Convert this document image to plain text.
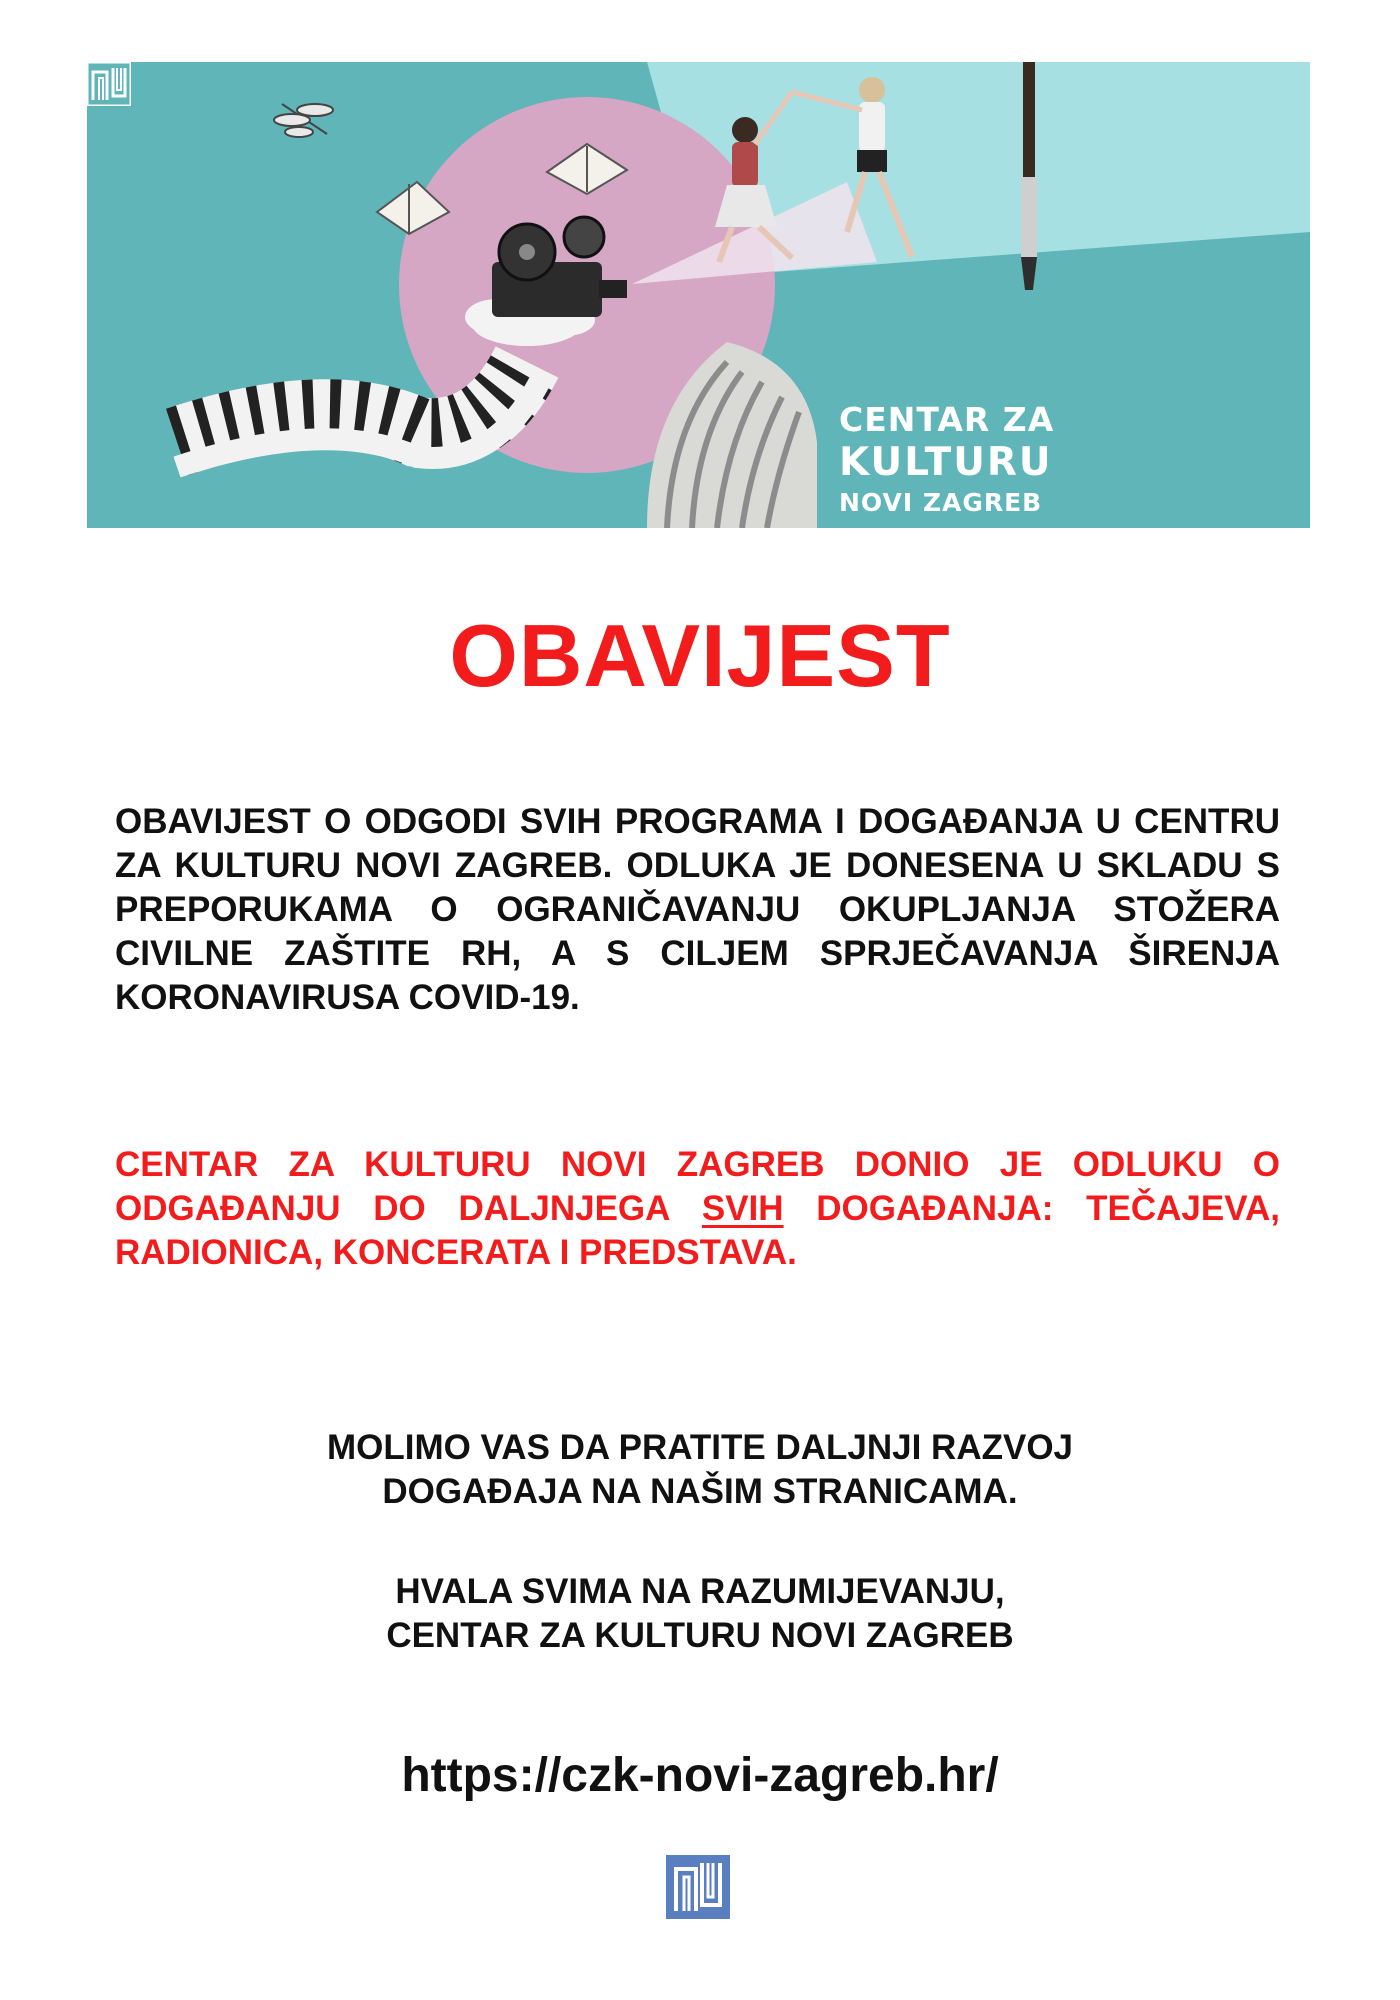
CENTAR ZA
KULTURU
NOVI ZAGREB
OBAVIJEST
OBAVIJEST O ODGODI SVIH PROGRAMA I DOGAĐANJA U CENTRU ZA KULTURU NOVI ZAGREB. ODLUKA JE DONESENA U SKLADU S PREPORUKAMA O OGRANIČAVANJU OKUPLJANJA STOŽERA CIVILNE ZAŠTITE RH, A S CILJEM SPRJEČAVANJA ŠIRENJA KORONAVIRUSA COVID-19.
CENTAR ZA KULTURU NOVI ZAGREB DONIO JE ODLUKU O ODGAĐANJU DO DALJNJEGA SVIH DOGAĐANJA: TEČAJEVA, RADIONICA, KONCERATA I PREDSTAVA.
MOLIMO VAS DA PRATITE DALJNJI RAZVOJ
DOGAĐAJA NA NAŠIM STRANICAMA.
HVALA SVIMA NA RAZUMIJEVANJU,
CENTAR ZA KULTURU NOVI ZAGREB
https://czk-novi-zagreb.hr/
